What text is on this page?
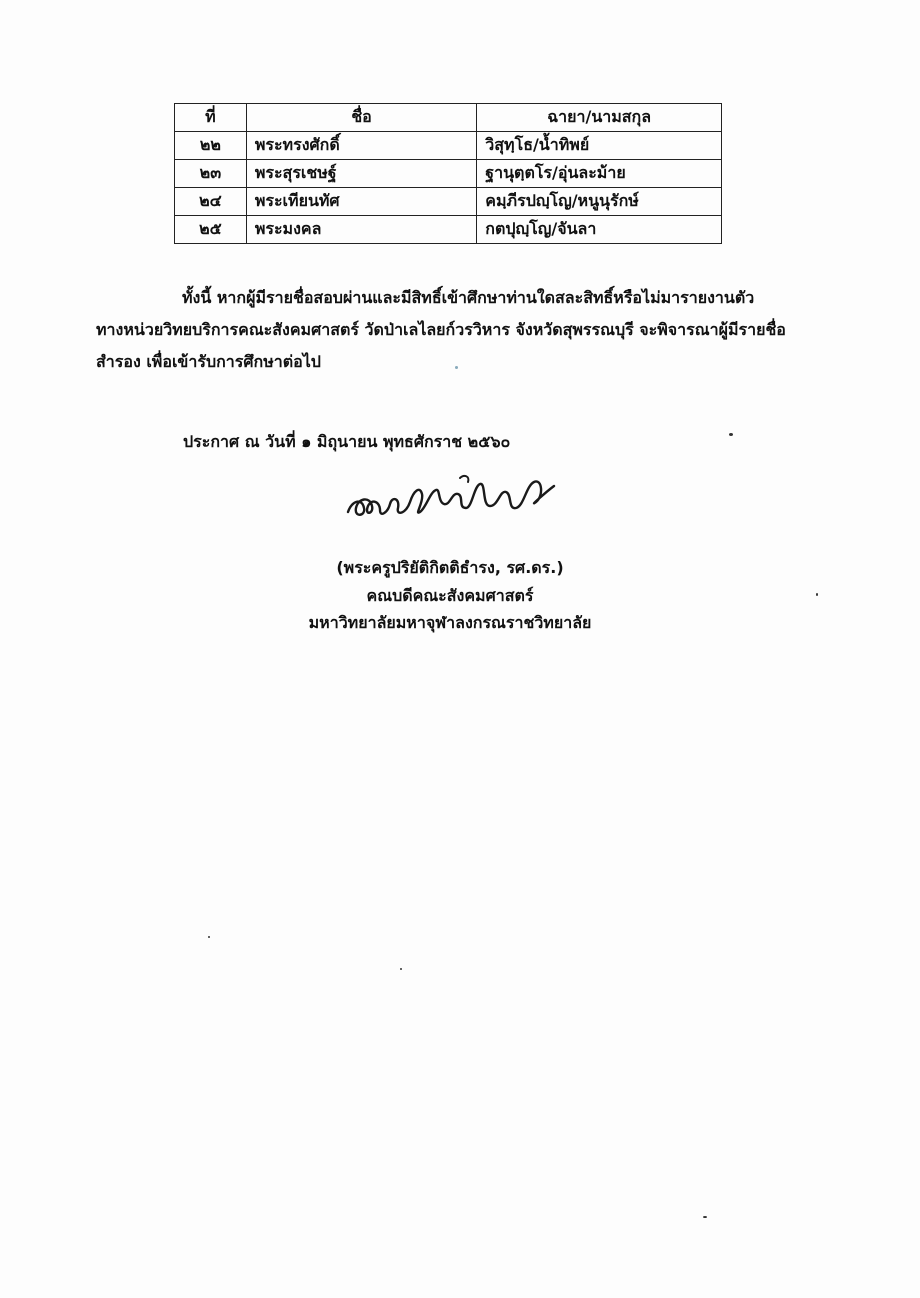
ที่	ชื่อ	ฉายา/นามสกุล
๒๒	พระทรงศักดิ์	วิสุทฺโธ/น้ำทิพย์
๒๓	พระสุรเชษฐ์	ฐานุตฺตโร/อุ่นละม้าย
๒๔	พระเทียนทัศ	คมฺภีรปญฺโญ/หนูนุรักษ์
๒๕	พระมงคล	กตปุญฺโญ/จันลา
ทั้งนี้ หากผู้มีรายชื่อสอบผ่านและมีสิทธิ์เข้าศึกษาท่านใดสละสิทธิ์หรือไม่มารายงานตัว
ทางหน่วยวิทยบริการคณะสังคมศาสตร์ วัดป่าเลไลยก์วรวิหาร จังหวัดสุพรรณบุรี จะพิจารณาผู้มีรายชื่อ
สำรอง เพื่อเข้ารับการศึกษาต่อไป
ประกาศ ณ วันที่ ๑ มิถุนายน พุทธศักราช ๒๕๖๐
(พระครูปริยัติกิตติธำรง, รศ.ดร.)
คณบดีคณะสังคมศาสตร์
มหาวิทยาลัยมหาจุฬาลงกรณราชวิทยาลัย
